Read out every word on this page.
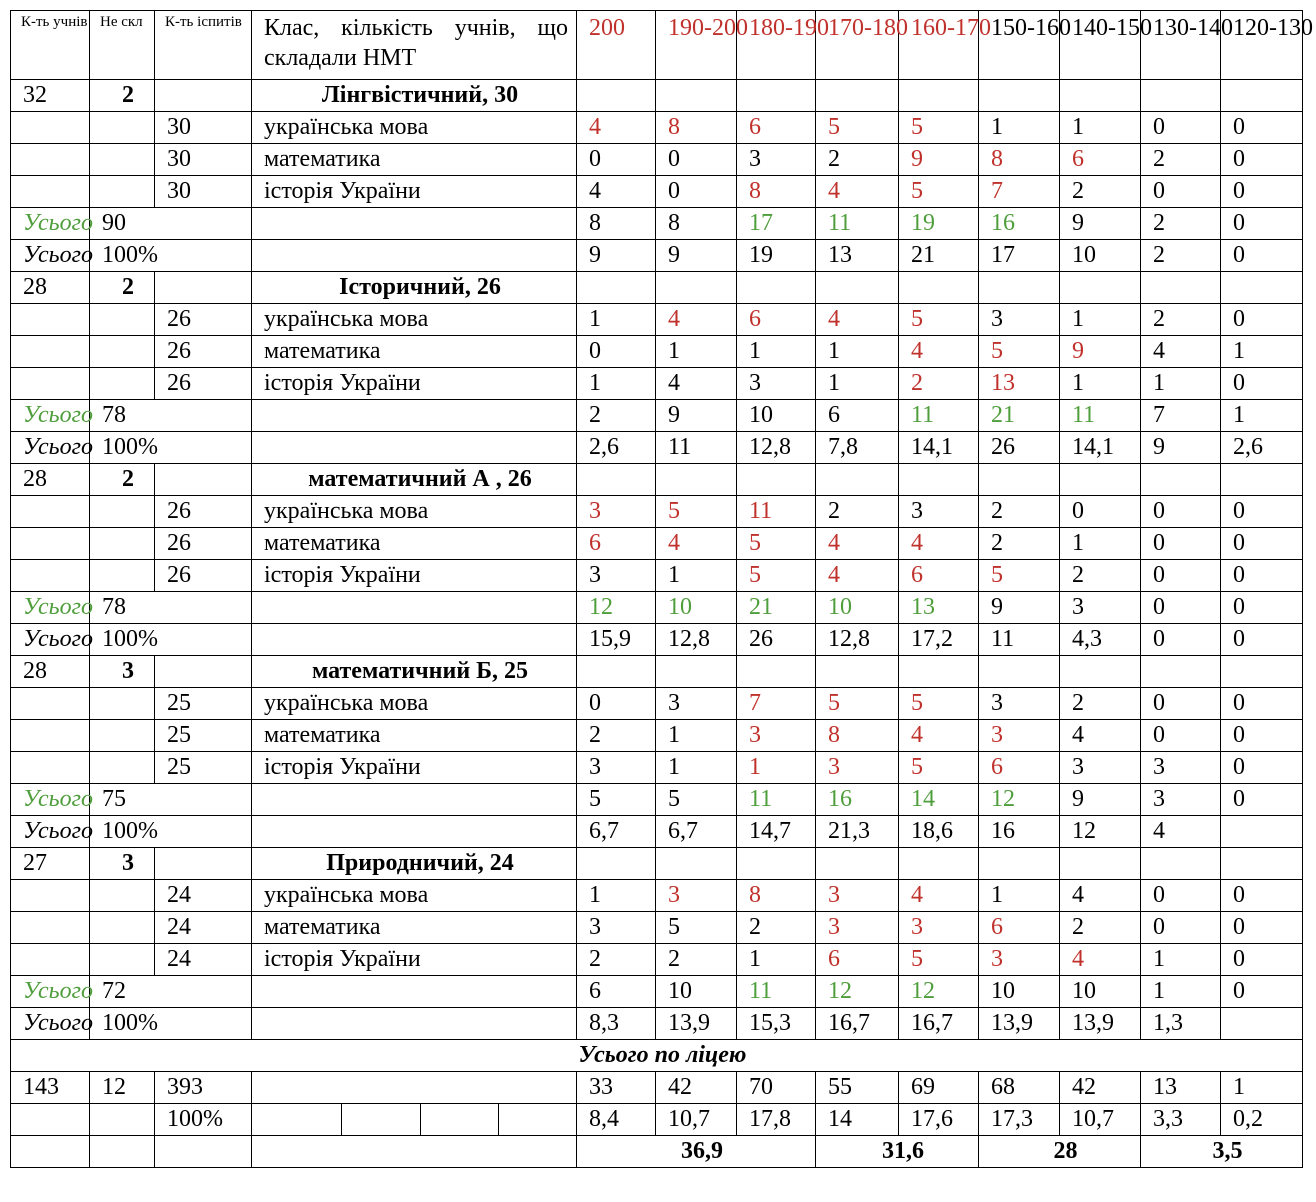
К-ть учнів	Не скл	К-ть іспитів	Клас, кількість учнів, що складали НМТ	200	190-200	180-190	170-180	160-170	150-160	140-150	130-140	120-130
32	2		Лінгвістичний, 30									
		30	українська мова	4	8	6	5	5	1	1	0	0
		30	математика	0	0	3	2	9	8	6	2	0
		30	історія України	4	0	8	4	5	7	2	0	0
Усього	90			8	8	17	11	19	16	9	2	0
Усього	100%			9	9	19	13	21	17	10	2	0
28	2		Історичний, 26									
		26	українська мова	1	4	6	4	5	3	1	2	0
		26	математика	0	1	1	1	4	5	9	4	1
		26	історія України	1	4	3	1	2	13	1	1	0
Усього	78			2	9	10	6	11	21	11	7	1
Усього	100%			2,6	11	12,8	7,8	14,1	26	14,1	9	2,6
28	2		математичний А , 26									
		26	українська мова	3	5	11	2	3	2	0	0	0
		26	математика	6	4	5	4	4	2	1	0	0
		26	історія України	3	1	5	4	6	5	2	0	0
Усього	78			12	10	21	10	13	9	3	0	0
Усього	100%			15,9	12,8	26	12,8	17,2	11	4,3	0	0
28	3		математичний Б, 25									
		25	українська мова	0	3	7	5	5	3	2	0	0
		25	математика	2	1	3	8	4	3	4	0	0
		25	історія України	3	1	1	3	5	6	3	3	0
Усього	75			5	5	11	16	14	12	9	3	0
Усього	100%			6,7	6,7	14,7	21,3	18,6	16	12	4	
27	3		Природничий, 24									
		24	українська мова	1	3	8	3	4	1	4	0	0
		24	математика	3	5	2	3	3	6	2	0	0
		24	історія України	2	2	1	6	5	3	4	1	0
Усього	72			6	10	11	12	12	10	10	1	0
Усього	100%			8,3	13,9	15,3	16,7	16,7	13,9	13,9	1,3	
Усього по ліцею												
143	12	393		33	42	70	55	69	68	42	13	1
		100%		8,4	10,7	17,8	14	17,6	17,3	10,7	3,3	0,2
				36,9			31,6		28		3,5	
